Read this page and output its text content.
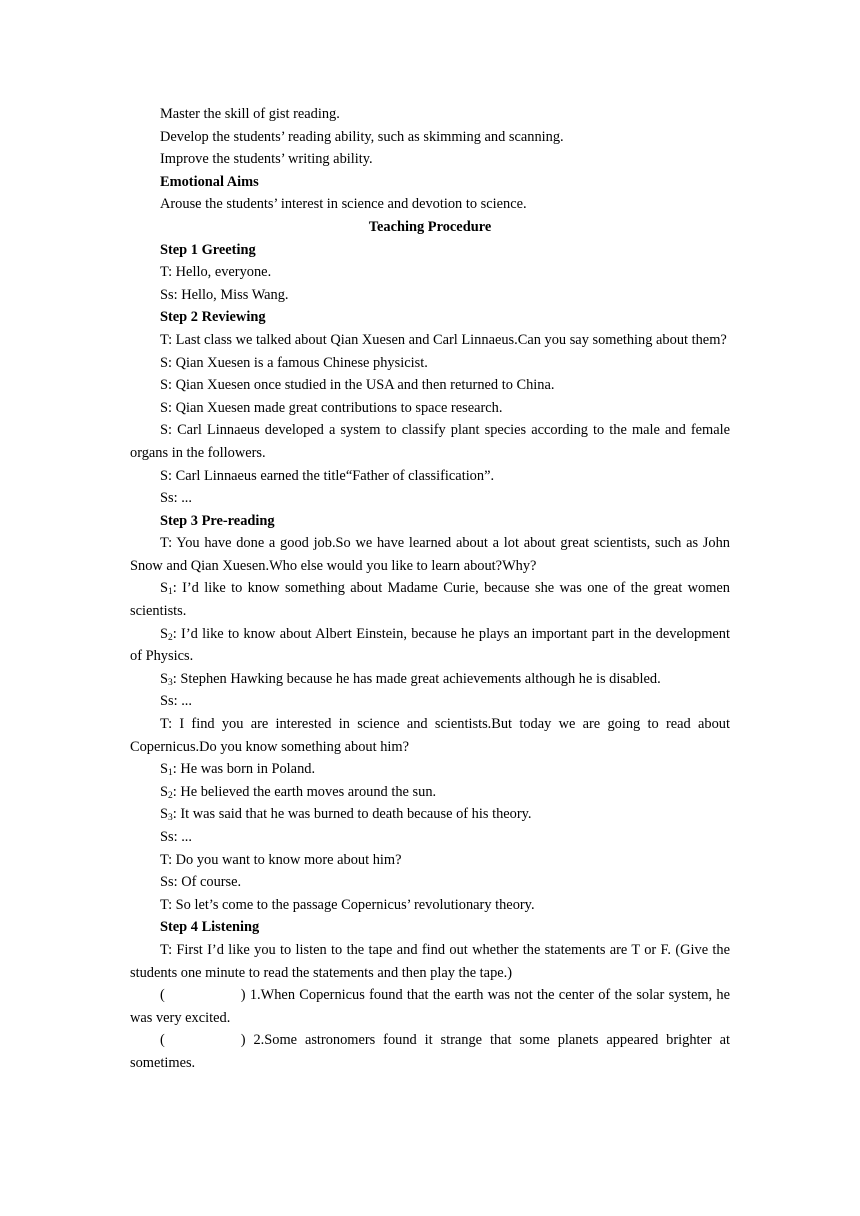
Master the skill of gist reading.

Develop the students’ reading ability, such as skimming and scanning.

Improve the students’ writing ability.

Emotional Aims

Arouse the students’ interest in science and devotion to science.

Teaching Procedure

Step 1 Greeting

T: Hello, everyone.

Ss: Hello, Miss Wang.

Step 2 Reviewing

T: Last class we talked about Qian Xuesen and Carl Linnaeus.Can you say something about them?

S: Qian Xuesen is a famous Chinese physicist.

S: Qian Xuesen once studied in the USA and then returned to China.

S: Qian Xuesen made great contributions to space research.

S: Carl Linnaeus developed a system to classify plant species according to the male and female organs in the followers.

S: Carl Linnaeus earned the title“Father of classification”.

Ss: ...

Step 3 Pre-reading

T: You have done a good job.So we have learned about a lot about great scientists, such as John Snow and Qian Xuesen.Who else would you like to learn about?Why?

$S_1$: I’d like to know something about Madame Curie, because she was one of the great women scientists.

$S_2$: I’d like to know about Albert Einstein, because he plays an important part in the development of Physics.

$S_3$: Stephen Hawking because he has made great achievements although he is disabled.

Ss: ...

T: I find you are interested in science and scientists.But today we are going to read about Copernicus.Do you know something about him?

$S_1$: He was born in Poland.

$S_2$: He believed the earth moves around the sun.

$S_3$: It was said that he was burned to death because of his theory.

Ss: ...

T: Do you want to know more about him?

Ss: Of course.

T: So let’s come to the passage Copernicus’ revolutionary theory.

Step 4 Listening

T: First I’d like you to listen to the tape and find out whether the statements are T or F. (Give the students one minute to read the statements and then play the tape.)

(	) 1.When Copernicus found that the earth was not the center of the solar system, he was very excited.

(	) 2.Some astronomers found it strange that some planets appeared brighter at sometimes.
